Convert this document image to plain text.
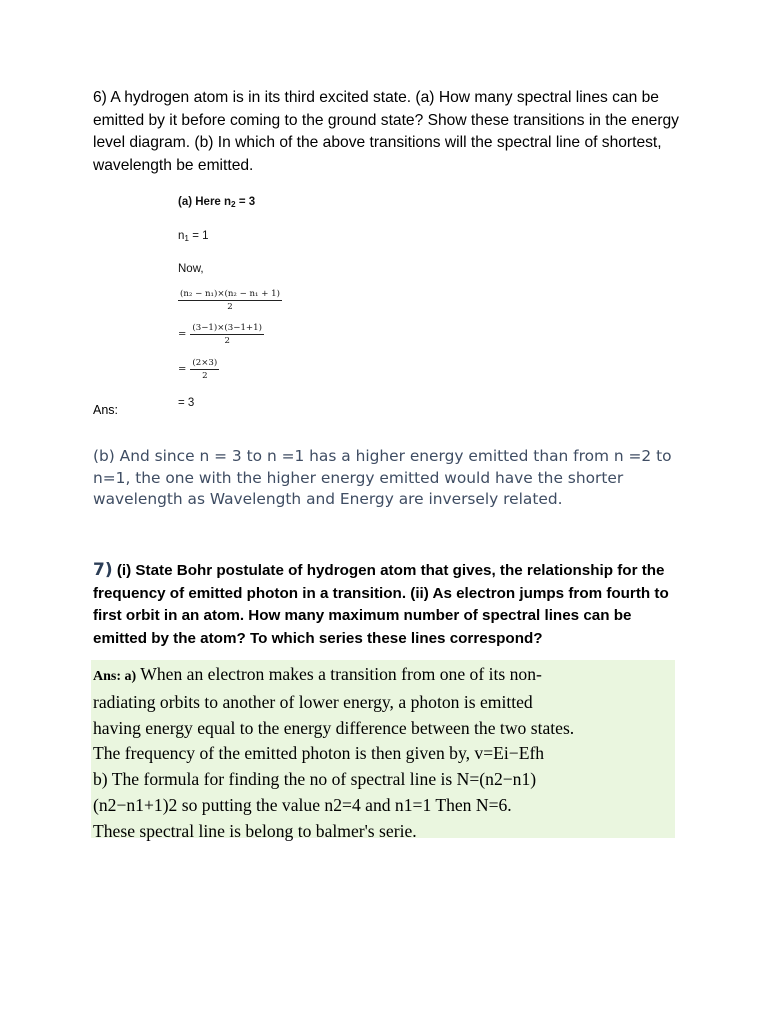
6) A hydrogen atom is in its third excited state. (a) How many spectral lines can be emitted by it before coming to the ground state? Show these transitions in the energy level diagram. (b) In which of the above transitions will the spectral line of shortest, wavelength be emitted.
(a) Here $n_2 = 3$
$n_1 = 1$
Now,
$\frac{\text{(n₂ − n₁)×(n₂ − n₁ + 1)}}{2}$
= $\frac{(3-1)\times(3-1+1)}{2}$
= $\frac{(2\times 3)}{2}$
= 3
Ans:
(b) And since n = 3 to n =1 has a higher energy emitted than from n =2 to n=1, the one with the higher energy emitted would have the shorter wavelength as Wavelength and Energy are inversely related.
7) (i) State Bohr postulate of hydrogen atom that gives, the relationship for the frequency of emitted photon in a transition. (ii) As electron jumps from fourth to first orbit in an atom. How many maximum number of spectral lines can be emitted by the atom? To which series these lines correspond?
Ans: a) When an electron makes a transition from one of its non-
radiating orbits to another of lower energy, a photon is emitted
having energy equal to the energy difference between the two states.
The frequency of the emitted photon is then given by, v=Ei−Efh
b) The formula for finding the no of spectral line is N=(n2−n1)
(n2−n1+1)2 so putting the value n2=4 and n1=1 Then N=6.
These spectral line is belong to balmer's serie.
